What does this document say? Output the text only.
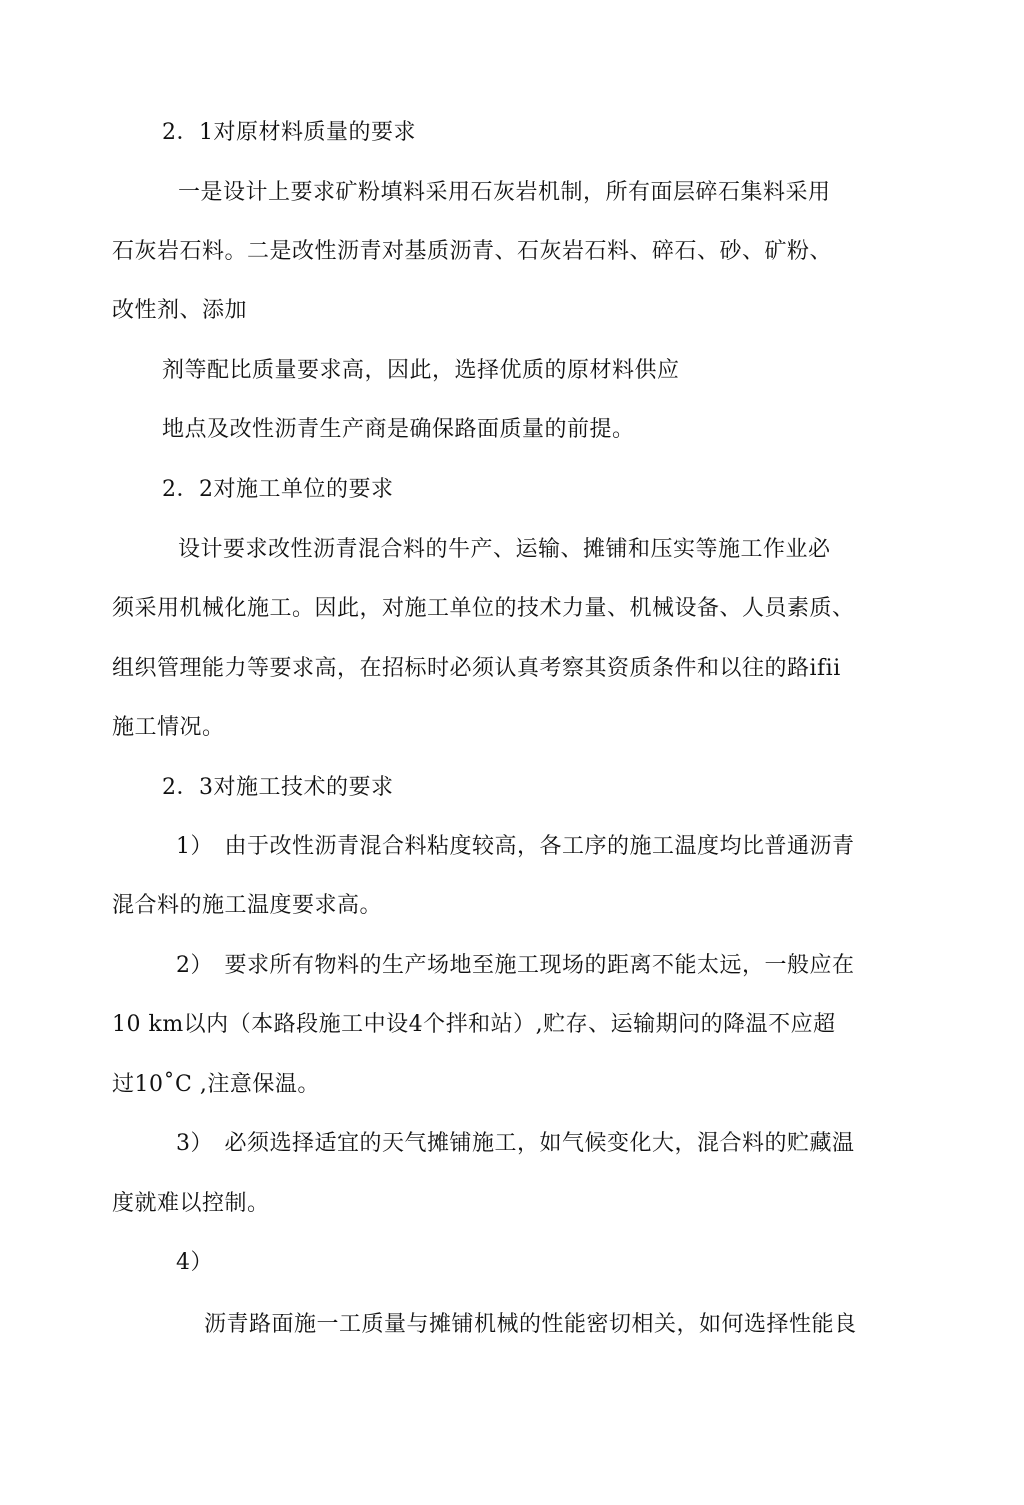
2．1对原材料质量的要求
一是设计上要求矿粉填料采用石灰岩机制，所有面层碎石集料采用
石灰岩石料。二是改性沥青对基质沥青、石灰岩石料、碎石、砂、矿粉、
改性剂、添加
剂等配比质量要求高，因此，选择优质的原材料供应
地点及改性沥青生产商是确保路面质量的前提。
2．2对施工单位的要求
设计要求改性沥青混合料的牛产、运输、摊铺和压实等施工作业必
须采用机械化施工。因此，对施工单位的技术力量、机械设备、人员素质、
组织管理能力等要求高，在招标时必须认真考察其资质条件和以往的路ifii
施工情况。
2．3对施工技术的要求
1）　由于改性沥青混合料粘度较高，各工序的施工温度均比普通沥青
混合料的施工温度要求高。
2）　要求所有物料的生产场地至施工现场的距离不能太远，一般应在
10 km以内（本路段施工中设4个拌和站）,贮存、运输期问的降温不应超
过10˚C ,注意保温。
3）　必须选择适宜的天气摊铺施工，如气候变化大，混合料的贮藏温
度就难以控制。
4）
沥青路面施一工质量与摊铺机械的性能密切相关，如何选择性能良
